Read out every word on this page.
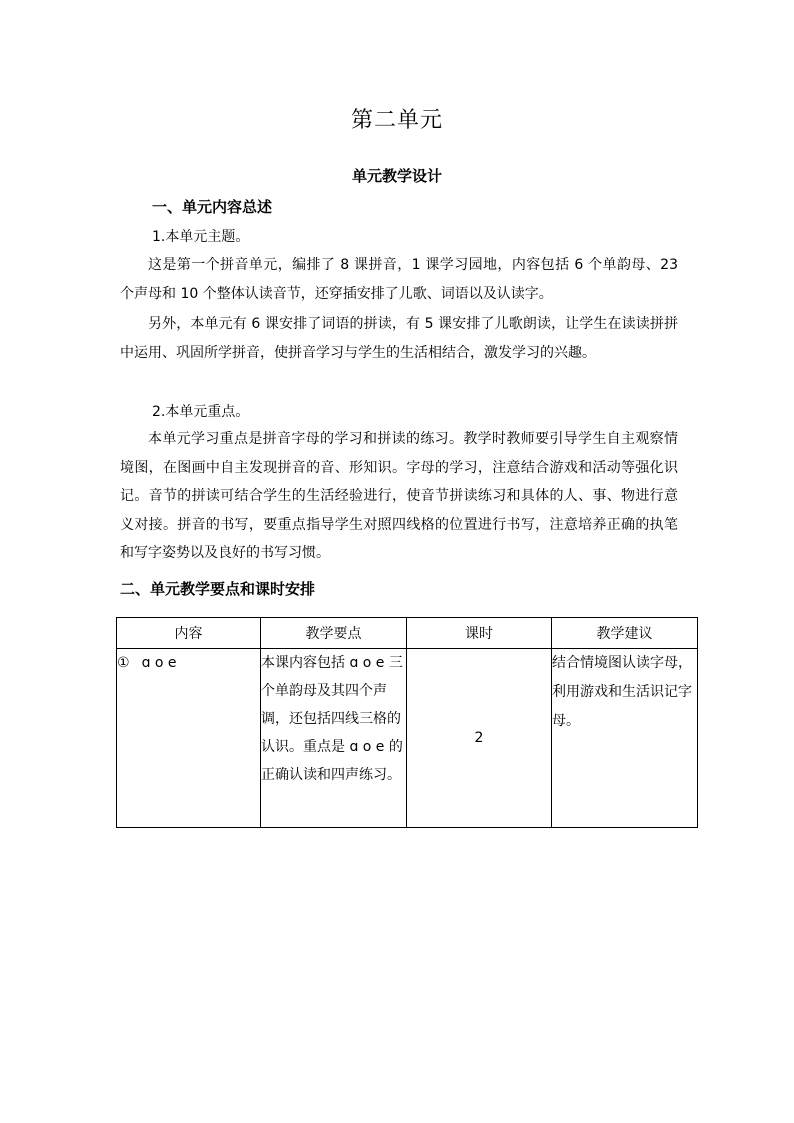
第二单元
单元教学设计
一、单元内容总述
1.本单元主题。
这是第一个拼音单元，编排了 8 课拼音，1 课学习园地，内容包括 6 个单韵母、23 个声母和 10 个整体认读音节，还穿插安排了儿歌、词语以及认读字。
另外，本单元有 6 课安排了词语的拼读，有 5 课安排了儿歌朗读，让学生在读读拼拼中运用、巩固所学拼音，使拼音学习与学生的生活相结合，激发学习的兴趣。
2.本单元重点。
本单元学习重点是拼音字母的学习和拼读的练习。教学时教师要引导学生自主观察情境图，在图画中自主发现拼音的音、形知识。字母的学习，注意结合游戏和活动等强化识记。音节的拼读可结合学生的生活经验进行，使音节拼读练习和具体的人、事、物进行意义对接。拼音的书写，要重点指导学生对照四线格的位置进行书写，注意培养正确的执笔和写字姿势以及良好的书写习惯。
二、单元教学要点和课时安排
内容	教学要点	课时	教学建议
① ɑ o e	本课内容包括 ɑ o e 三个单韵母及其四个声调，还包括四线三格的认识。重点是 ɑ o e 的正确认读和四声练习。	2	结合情境图认读字母，利用游戏和生活识记字母。
